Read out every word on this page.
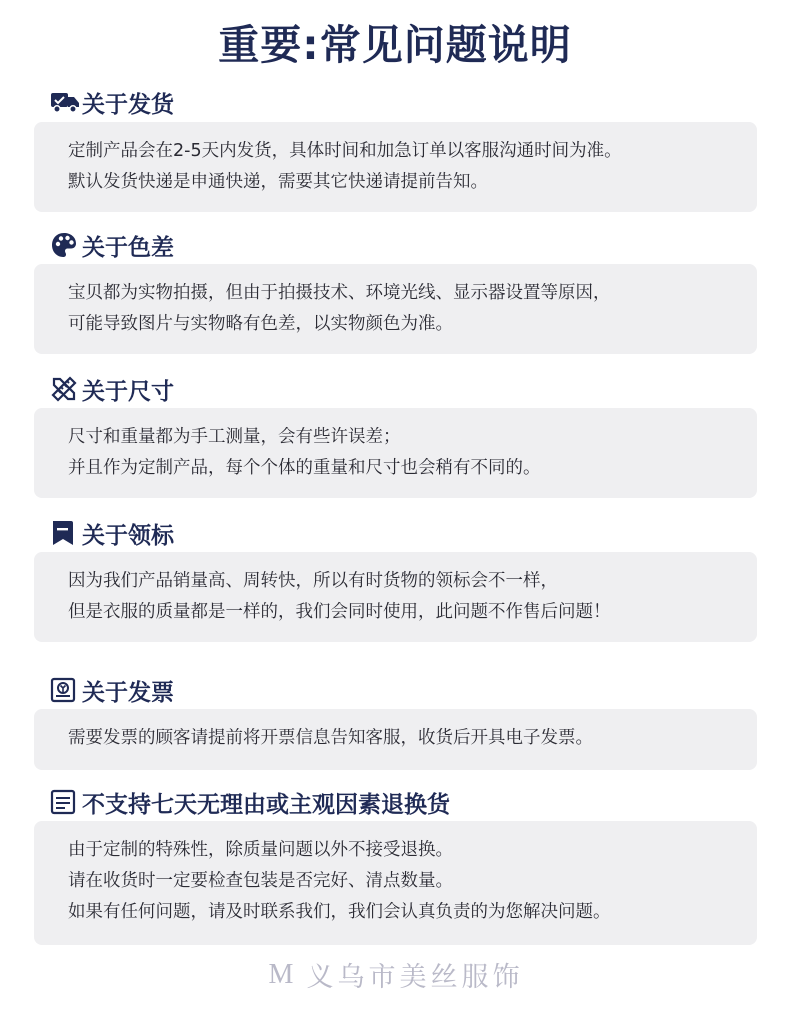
重要:常见问题说明
关于发货
定制产品会在2-5天内发货，具体时间和加急订单以客服沟通时间为准。
默认发货快递是申通快递，需要其它快递请提前告知。
关于色差
宝贝都为实物拍摄，但由于拍摄技术、环境光线、显示器设置等原因，
可能导致图片与实物略有色差，以实物颜色为准。
关于尺寸
尺寸和重量都为手工测量，会有些许误差；
并且作为定制产品，每个个体的重量和尺寸也会稍有不同的。
关于领标
因为我们产品销量高、周转快，所以有时货物的领标会不一样，
但是衣服的质量都是一样的，我们会同时使用，此问题不作售后问题！
关于发票
需要发票的顾客请提前将开票信息告知客服，收货后开具电子发票。
不支持七天无理由或主观因素退换货
由于定制的特殊性，除质量问题以外不接受退换。
请在收货时一定要检查包装是否完好、清点数量。
如果有任何问题，请及时联系我们，我们会认真负责的为您解决问题。
M 义乌市美丝服饰
